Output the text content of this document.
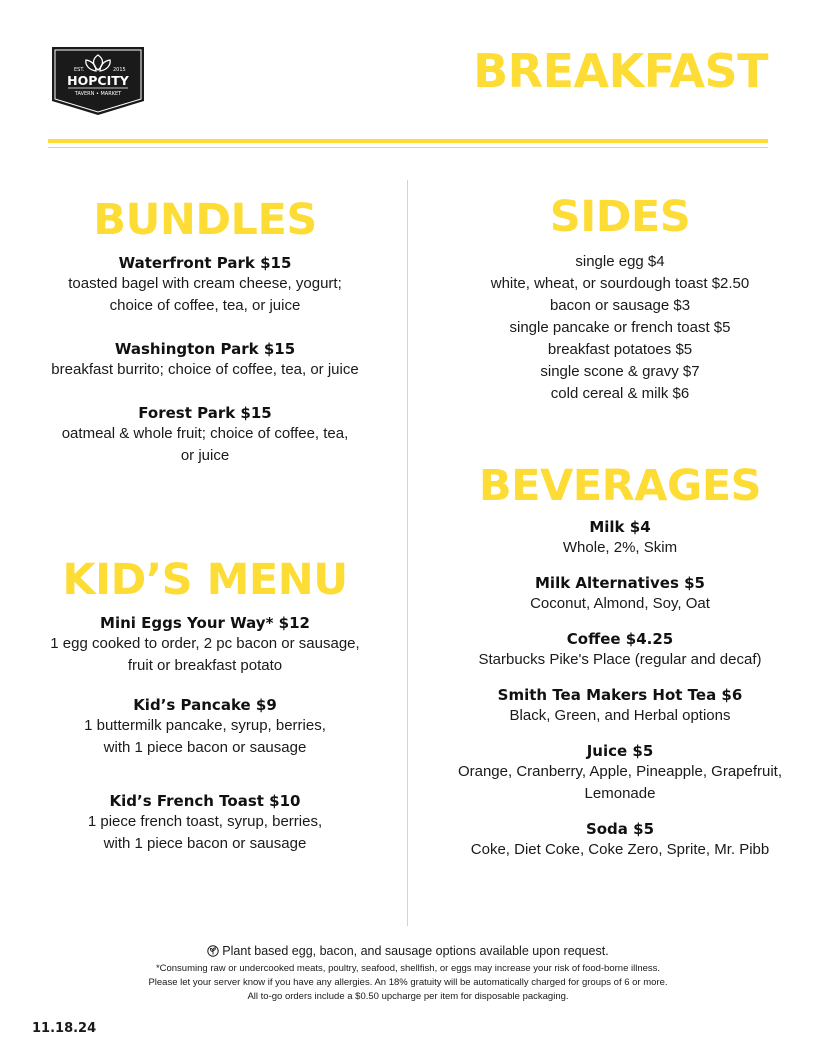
EST.	2015
HOPCITY
TAVERN • MARKET	BREAKFAST
BUNDLES
Waterfront Park $15
toasted bagel with cream cheese, yogurt;
choice of coffee, tea, or juice
Washington Park $15
breakfast burrito; choice of coffee, tea, or juice
Forest Park $15
oatmeal & whole fruit; choice of coffee, tea,
or juice
KID’S MENU
Mini Eggs Your Way* $12
1 egg cooked to order, 2 pc bacon or sausage,
fruit or breakfast potato
Kid’s Pancake $9
1 buttermilk pancake, syrup, berries,
with 1 piece bacon or sausage
Kid’s French Toast $10
1 piece french toast, syrup, berries,
with 1 piece bacon or sausage
SIDES
single egg $4
white, wheat, or sourdough toast $2.50
bacon or sausage $3
single pancake or french toast $5
breakfast potatoes $5
single scone & gravy $7
cold cereal & milk $6
BEVERAGES
Milk $4
Whole, 2%, Skim
Milk Alternatives $5
Coconut, Almond, Soy, Oat
Coffee $4.25
Starbucks Pike's Place (regular and decaf)
Smith Tea Makers Hot Tea $6
Black, Green, and Herbal options
Juice $5
Orange, Cranberry, Apple, Pineapple, Grapefruit,
Lemonade
Soda $5
Coke, Diet Coke, Coke Zero, Sprite, Mr. Pibb
Plant based egg, bacon, and sausage options available upon request.
*Consuming raw or undercooked meats, poultry, seafood, shellfish, or eggs may increase your risk of food-borne illness.
Please let your server know if you have any allergies. An 18% gratuity will be automatically charged for groups of 6 or more.
All to-go orders include a $0.50 upcharge per item for disposable packaging.
11.18.24
